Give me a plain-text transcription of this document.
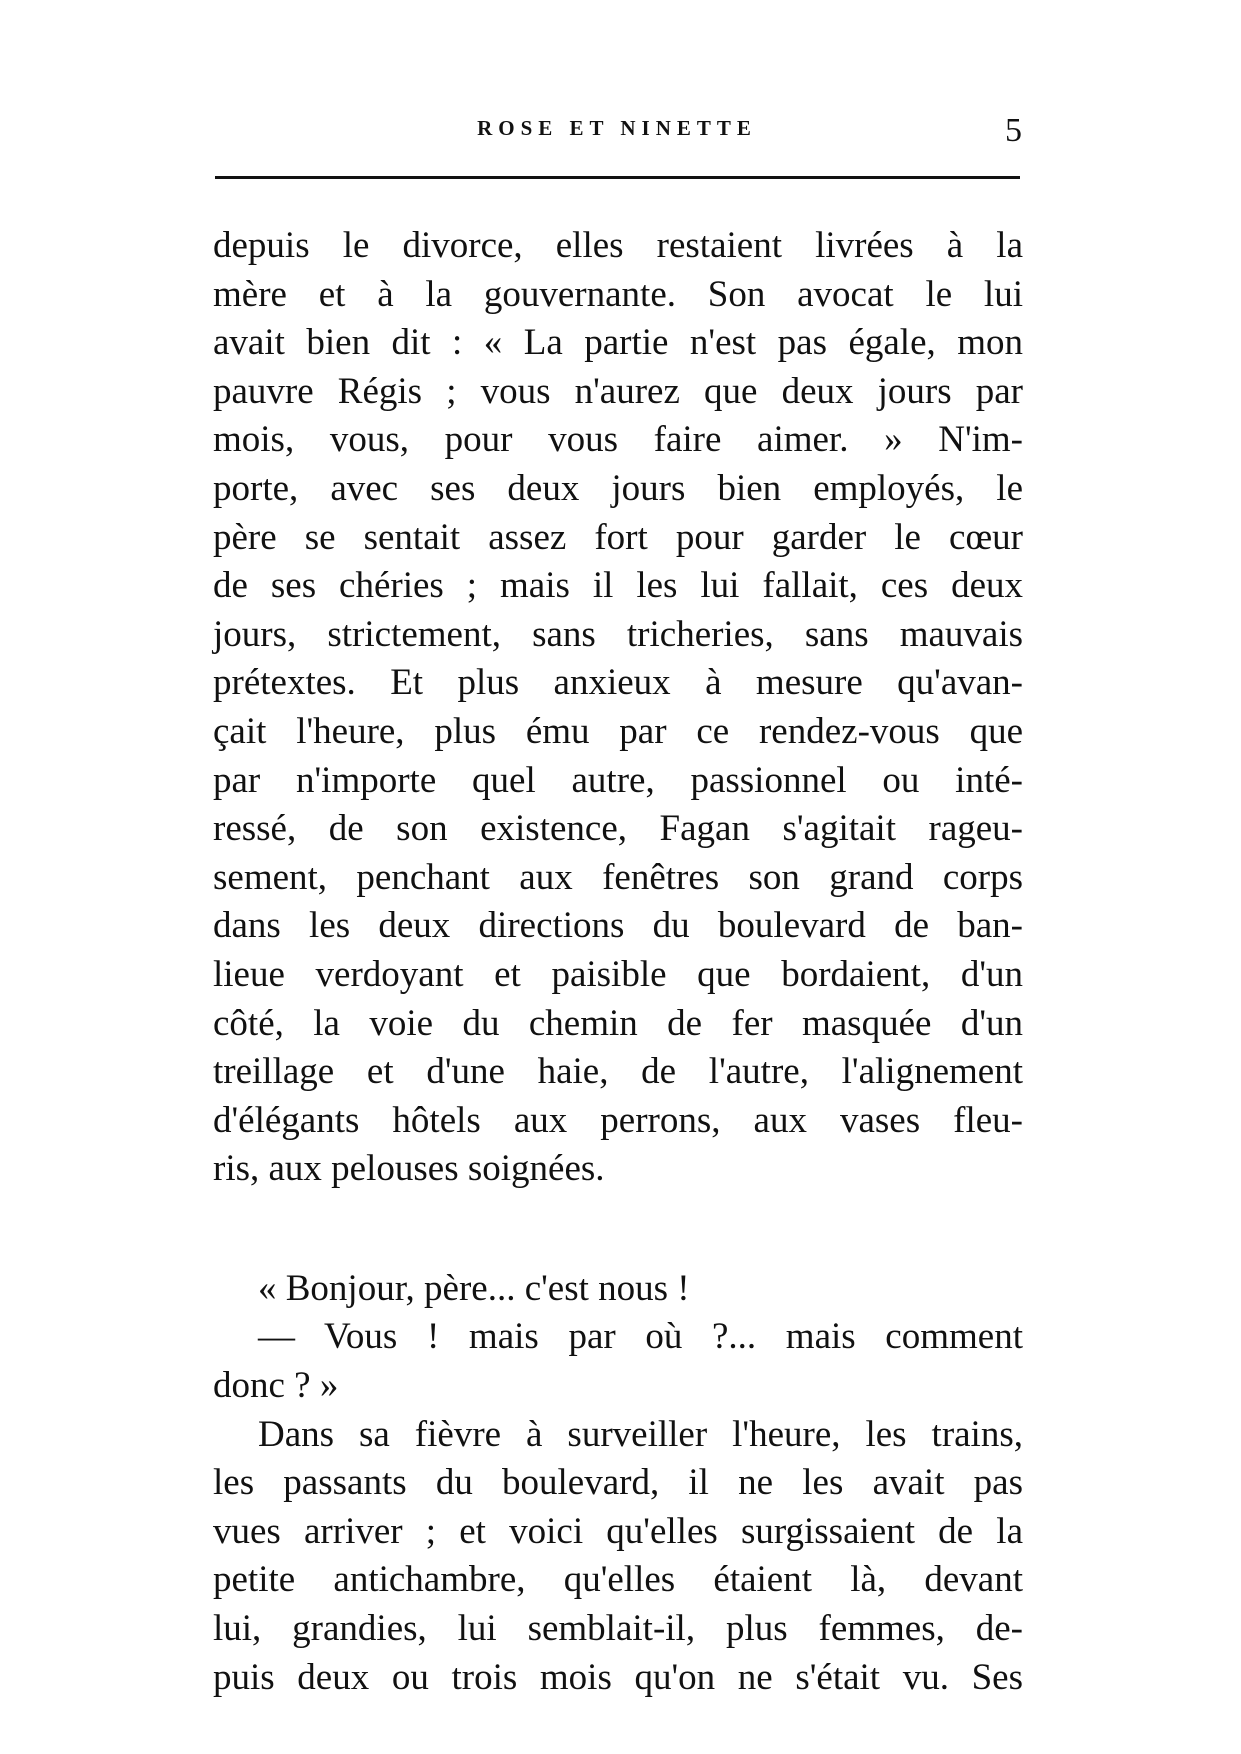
ROSE ET NINETTE	5
depuis le divorce, elles restaient livrées à la
mère et à la gouvernante. Son avocat le lui
avait bien dit : « La partie n'est pas égale, mon
pauvre Régis ; vous n'aurez que deux jours par
mois, vous, pour vous faire aimer. » N'im-
porte, avec ses deux jours bien employés, le
père se sentait assez fort pour garder le cœur
de ses chéries ; mais il les lui fallait, ces deux
jours, strictement, sans tricheries, sans mauvais
prétextes. Et plus anxieux à mesure qu'avan-
çait l'heure, plus ému par ce rendez-vous que
par n'importe quel autre, passionnel ou inté-
ressé, de son existence, Fagan s'agitait rageu-
sement, penchant aux fenêtres son grand corps
dans les deux directions du boulevard de ban-
lieue verdoyant et paisible que bordaient, d'un
côté, la voie du chemin de fer masquée d'un
treillage et d'une haie, de l'autre, l'alignement
d'élégants hôtels aux perrons, aux vases fleu-
ris, aux pelouses soignées.
« Bonjour, père... c'est nous !
— Vous ! mais par où ?... mais comment
donc ? »
Dans sa fièvre à surveiller l'heure, les trains,
les passants du boulevard, il ne les avait pas
vues arriver ; et voici qu'elles surgissaient de la
petite antichambre, qu'elles étaient là, devant
lui, grandies, lui semblait-il, plus femmes, de-
puis deux ou trois mois qu'on ne s'était vu. Ses
